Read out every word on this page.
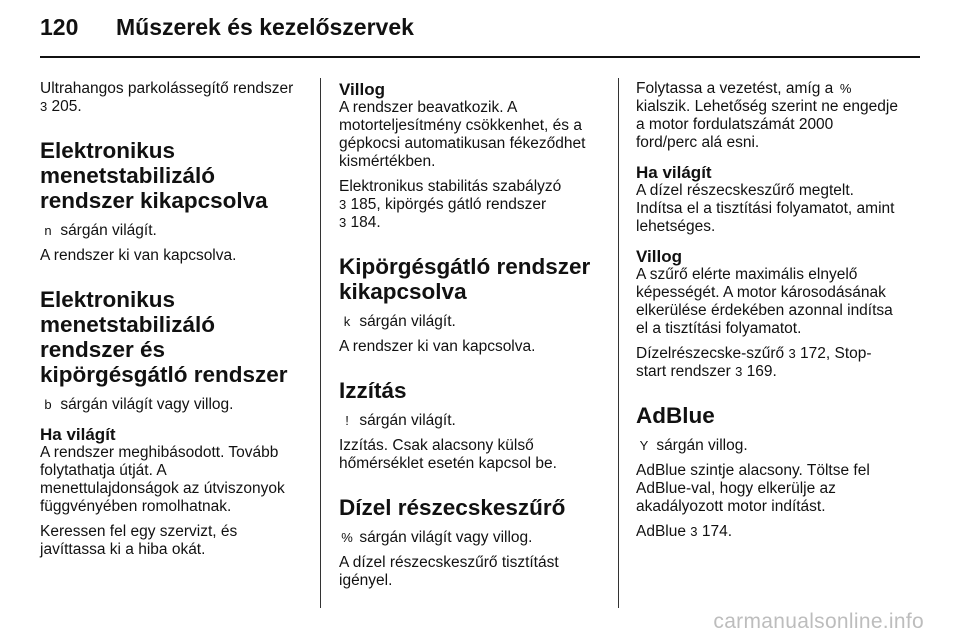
120	Műszerek és kezelőszervek

Ultrahangos parkolássegítő rendszer 3 205.

Elektronikus menetstabilizáló rendszer kikapcsolva

n sárgán világít.

A rendszer ki van kapcsolva.

Elektronikus menetstabilizáló rendszer és kipörgésgátló rendszer

b sárgán világít vagy villog.

Ha világít

A rendszer meghibásodott. Tovább folytathatja útját. A menettulajdonságok az útviszonyok függvényében romolhatnak.

Keressen fel egy szervizt, és javíttassa ki a hiba okát.

Villog

A rendszer beavatkozik. A motorteljesítmény csökkenhet, és a gépkocsi automatikusan fékeződhet kismértékben.

Elektronikus stabilitás szabályzó
3 185, kipörgés gátló rendszer
3 184.

Kipörgésgátló rendszer kikapcsolva

k sárgán világít.

A rendszer ki van kapcsolva.

Izzítás

! sárgán világít.

Izzítás. Csak alacsony külső hőmérséklet esetén kapcsol be.

Dízel részecskeszűrő

% sárgán világít vagy villog.

A dízel részecskeszűrő tisztítást igényel.

Folytassa a vezetést, amíg a % kialszik. Lehetőség szerint ne engedje a motor fordulatszámát 2000 ford/perc alá esni.

Ha világít

A dízel részecskeszűrő megtelt. Indítsa el a tisztítási folyamatot, amint lehetséges.

Villog

A szűrő elérte maximális elnyelő képességét. A motor károsodásának elkerülése érdekében azonnal indítsa el a tisztítási folyamatot.

Dízelrészecske-szűrő 3 172, Stop-start rendszer 3 169.

AdBlue

Y sárgán villog.

AdBlue szintje alacsony. Töltse fel AdBlue-val, hogy elkerülje az akadályozott motor indítást.

AdBlue 3 174.

carmanualsonline.info
